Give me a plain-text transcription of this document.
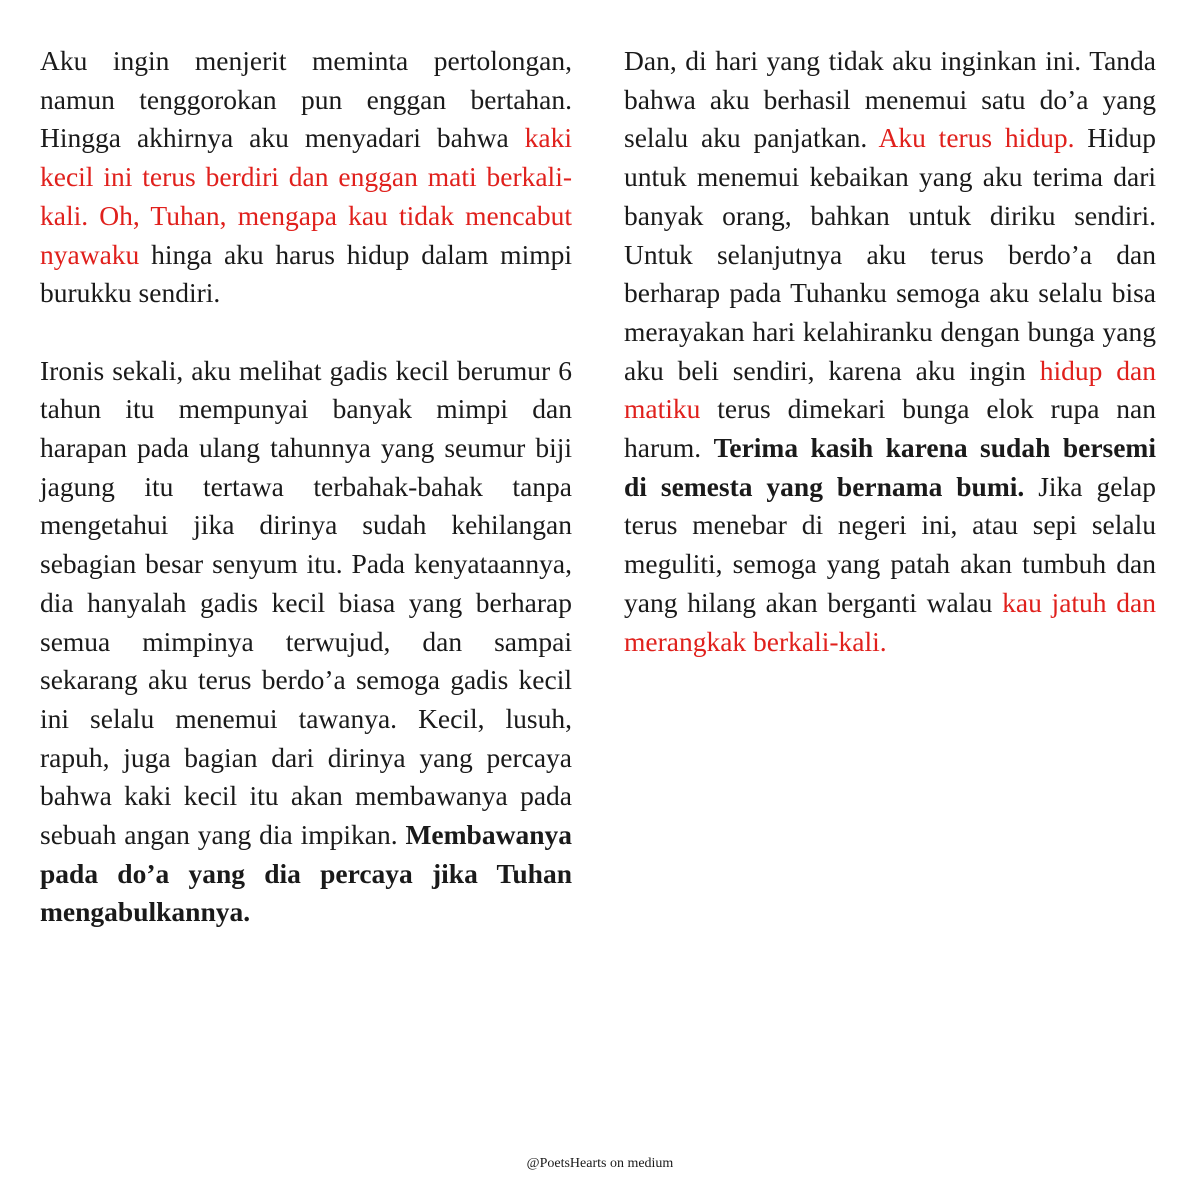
Aku ingin menjerit meminta pertolongan, namun tenggorokan pun enggan bertahan. Hingga akhirnya aku menyadari bahwa kaki kecil ini terus berdiri dan enggan mati berkali-kali. Oh, Tuhan, mengapa kau tidak mencabut nyawaku hinga aku harus hidup dalam mimpi burukku sendiri.

Ironis sekali, aku melihat gadis kecil berumur 6 tahun itu mempunyai banyak mimpi dan harapan pada ulang tahunnya yang seumur biji jagung itu tertawa terbahak-bahak tanpa mengetahui jika dirinya sudah kehilangan sebagian besar senyum itu. Pada kenyataannya, dia hanyalah gadis kecil biasa yang berharap semua mimpinya terwujud, dan sampai sekarang aku terus berdo’a semoga gadis kecil ini selalu menemui tawanya. Kecil, lusuh, rapuh, juga bagian dari dirinya yang percaya bahwa kaki kecil itu akan membawanya pada sebuah angan yang dia impikan. Membawanya pada do’a yang dia percaya jika Tuhan mengabulkannya.

Dan, di hari yang tidak aku inginkan ini. Tanda bahwa aku berhasil menemui satu do’a yang selalu aku panjatkan. Aku terus hidup. Hidup untuk menemui kebaikan yang aku terima dari banyak orang, bahkan untuk diriku sendiri. Untuk selanjutnya aku terus berdo’a dan berharap pada Tuhanku semoga aku selalu bisa merayakan hari kelahiranku dengan bunga yang aku beli sendiri, karena aku ingin hidup dan matiku terus dimekari bunga elok rupa nan harum. Terima kasih karena sudah bersemi di semesta yang bernama bumi. Jika gelap terus menebar di negeri ini, atau sepi selalu meguliti, semoga yang patah akan tumbuh dan yang hilang akan berganti walau kau jatuh dan merangkak berkali-kali.

@PoetsHearts on medium
